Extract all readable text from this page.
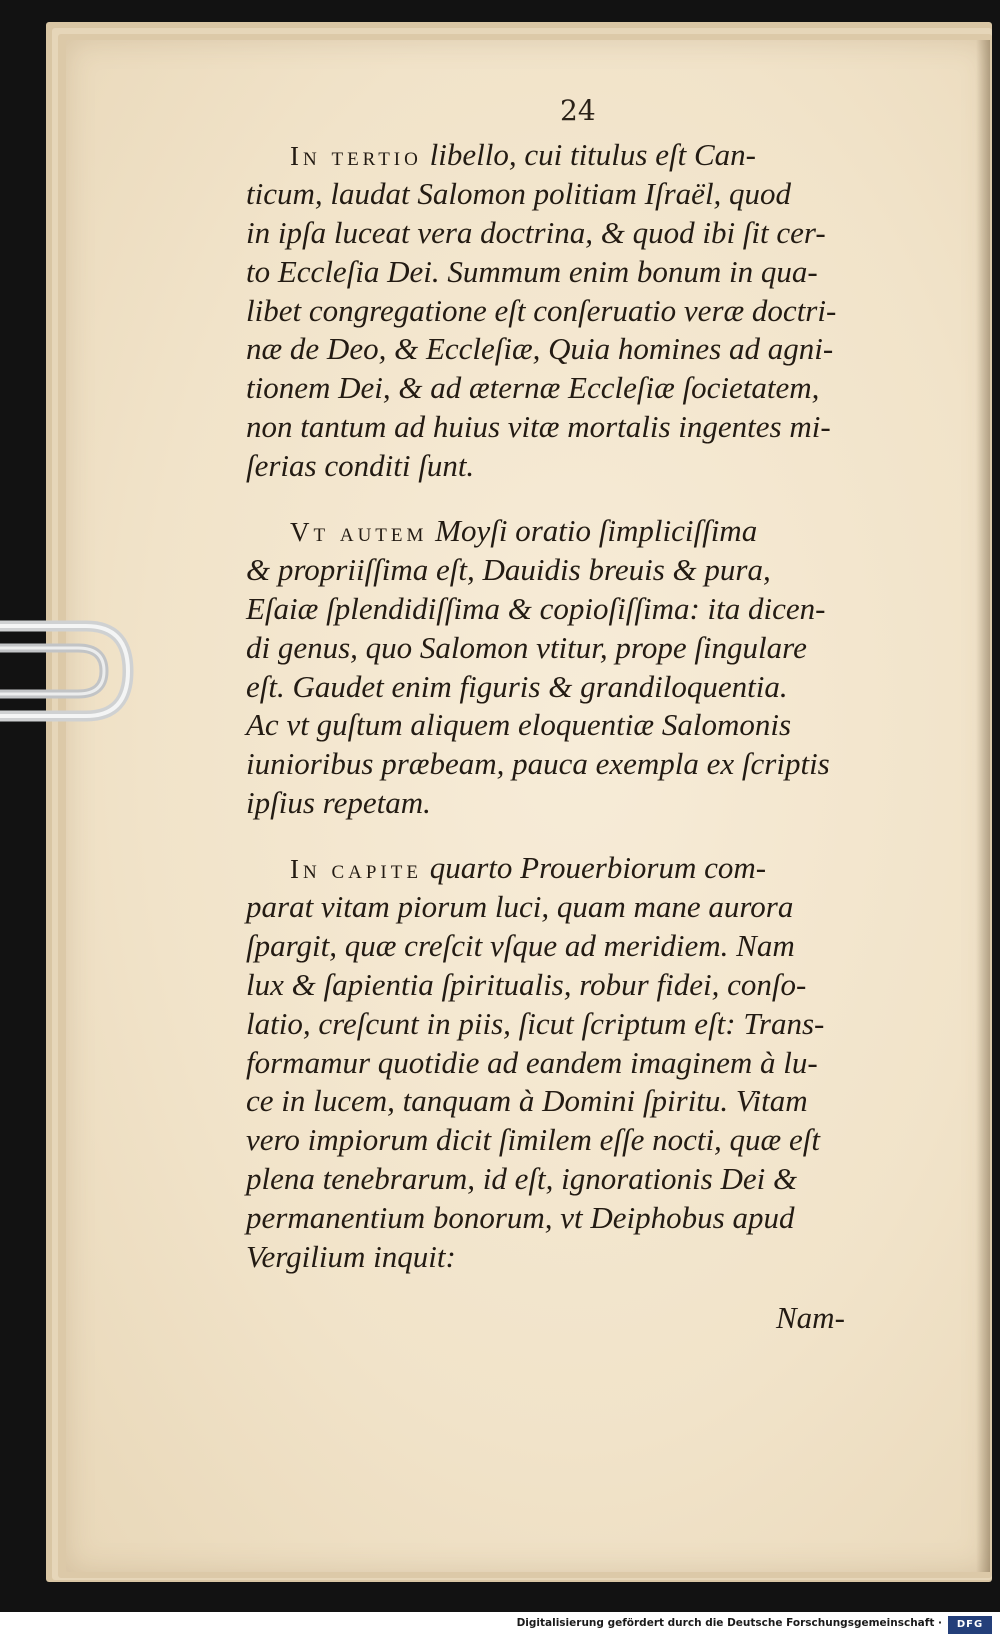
24
In tertio libello, cui titulus eſt Can-
ticum, laudat Salomon politiam Iſraël, quod
in ipſa luceat vera doctrina, & quod ibi ſit cer-
to Eccleſia Dei. Summum enim bonum in qua-
libet congregatione eſt conſeruatio veræ doctri-
næ de Deo, & Eccleſiæ, Quia homines ad agni-
tionem Dei, & ad æternæ Eccleſiæ ſocietatem,
non tantum ad huius vitæ mortalis ingentes mi-
ſerias conditi ſunt.
Vt autem Moyſi oratio ſimpliciſſima
& propriiſſima eſt, Dauidis breuis & pura,
Eſaiæ ſplendidiſſima & copioſiſſima: ita dicen-
di genus, quo Salomon vtitur, prope ſingulare
eſt. Gaudet enim figuris & grandiloquentia.
Ac vt guſtum aliquem eloquentiæ Salomonis
iunioribus præbeam, pauca exempla ex ſcriptis
ipſius repetam.
In capite quarto Prouerbiorum com-
parat vitam piorum luci, quam mane aurora
ſpargit, quæ creſcit vſque ad meridiem. Nam
lux & ſapientia ſpiritualis, robur fidei, conſo-
latio, creſcunt in piis, ſicut ſcriptum eſt: Trans-
formamur quotidie ad eandem imaginem à lu-
ce in lucem, tanquam à Domini ſpiritu. Vitam
vero impiorum dicit ſimilem eſſe nocti, quæ eſt
plena tenebrarum, id eſt, ignorationis Dei &
permanentium bonorum, vt Deiphobus apud
Vergilium inquit:
Nam-
Digitalisierung gefördert durch die Deutsche Forschungsgemeinschaft ·	DFG
